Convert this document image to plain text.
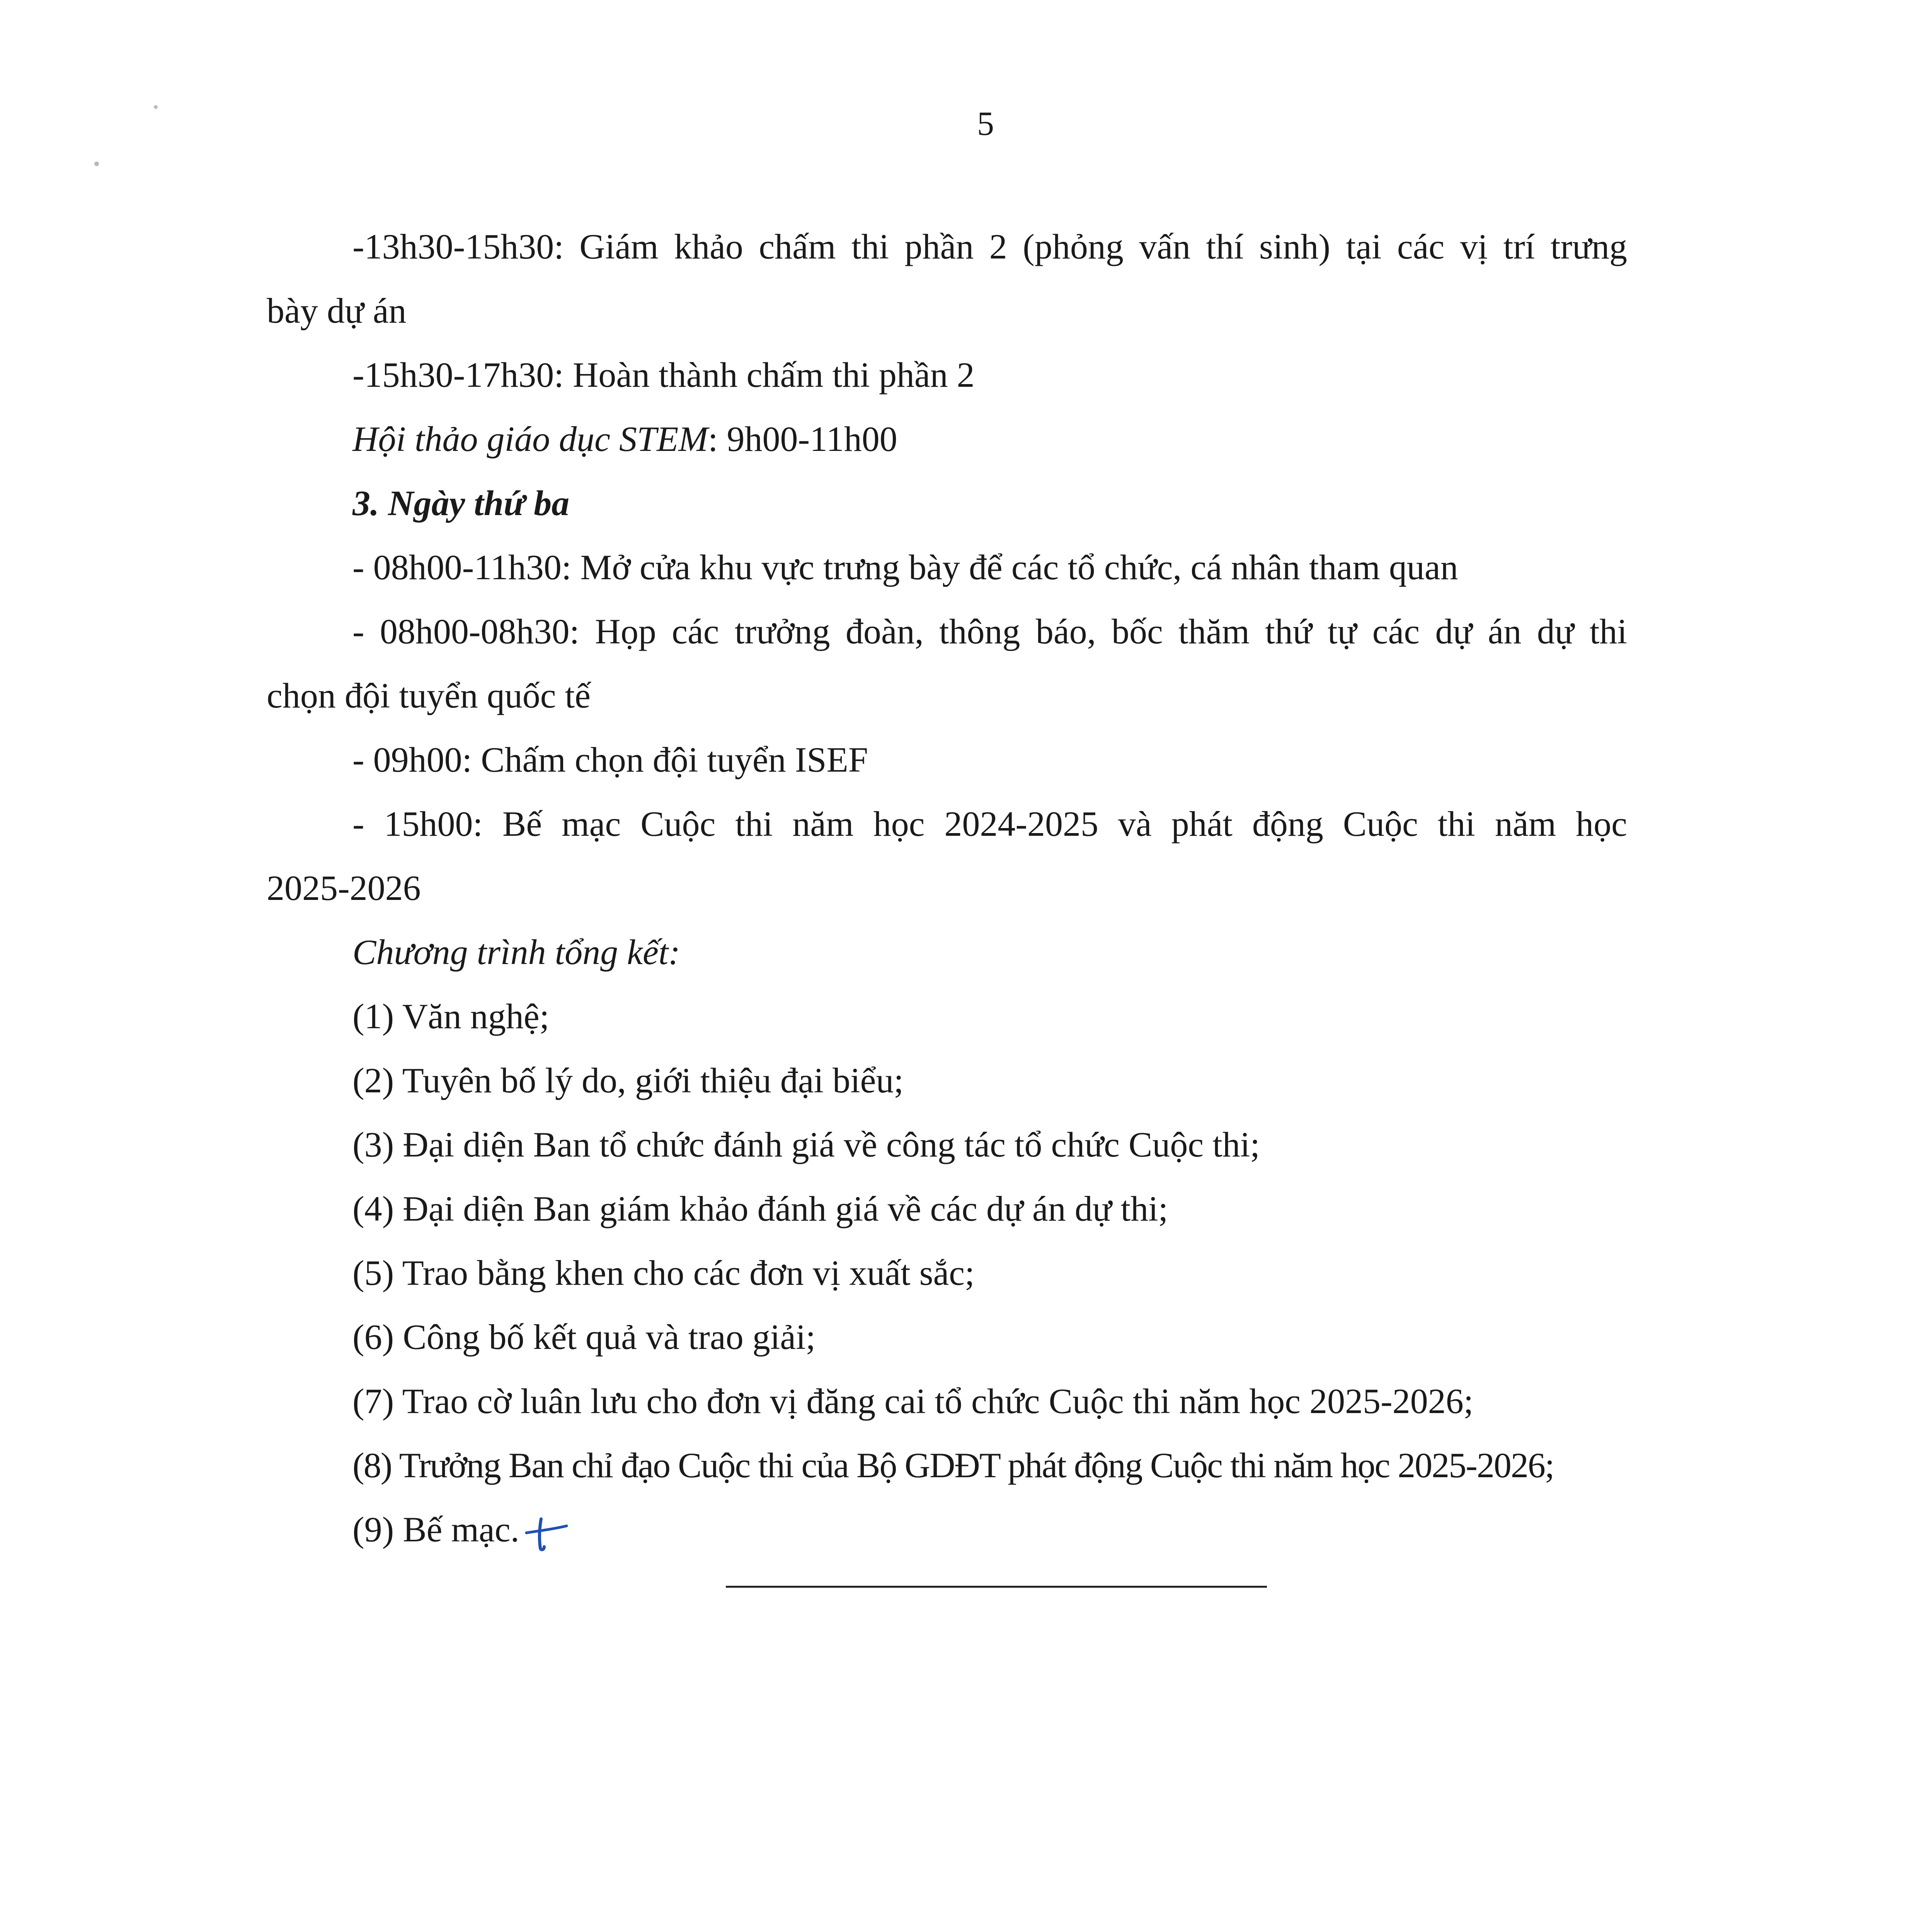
5

-13h30-15h30: Giám khảo chấm thi phần 2 (phỏng vấn thí sinh) tại các vị trí trưng

bày dự án

-15h30-17h30: Hoàn thành chấm thi phần 2

Hội thảo giáo dục STEM: 9h00-11h00

3. Ngày thứ ba

- 08h00-11h30: Mở cửa khu vực trưng bày để các tổ chức, cá nhân tham quan

- 08h00-08h30: Họp các trưởng đoàn, thông báo, bốc thăm thứ tự các dự án dự thi

chọn đội tuyển quốc tế

- 09h00: Chấm chọn đội tuyển ISEF

- 15h00: Bế mạc Cuộc thi năm học 2024-2025 và phát động Cuộc thi năm học

2025-2026

Chương trình tổng kết:

(1) Văn nghệ;

(2) Tuyên bố lý do, giới thiệu đại biểu;

(3) Đại diện Ban tổ chức đánh giá về công tác tổ chức Cuộc thi;

(4) Đại diện Ban giám khảo đánh giá về các dự án dự thi;

(5) Trao bằng khen cho các đơn vị xuất sắc;

(6) Công bố kết quả và trao giải;

(7) Trao cờ luân lưu cho đơn vị đăng cai tổ chức Cuộc thi năm học 2025-2026;

(8) Trưởng Ban chỉ đạo Cuộc thi của Bộ GDĐT phát động Cuộc thi năm học 2025-2026;

(9) Bế mạc.
